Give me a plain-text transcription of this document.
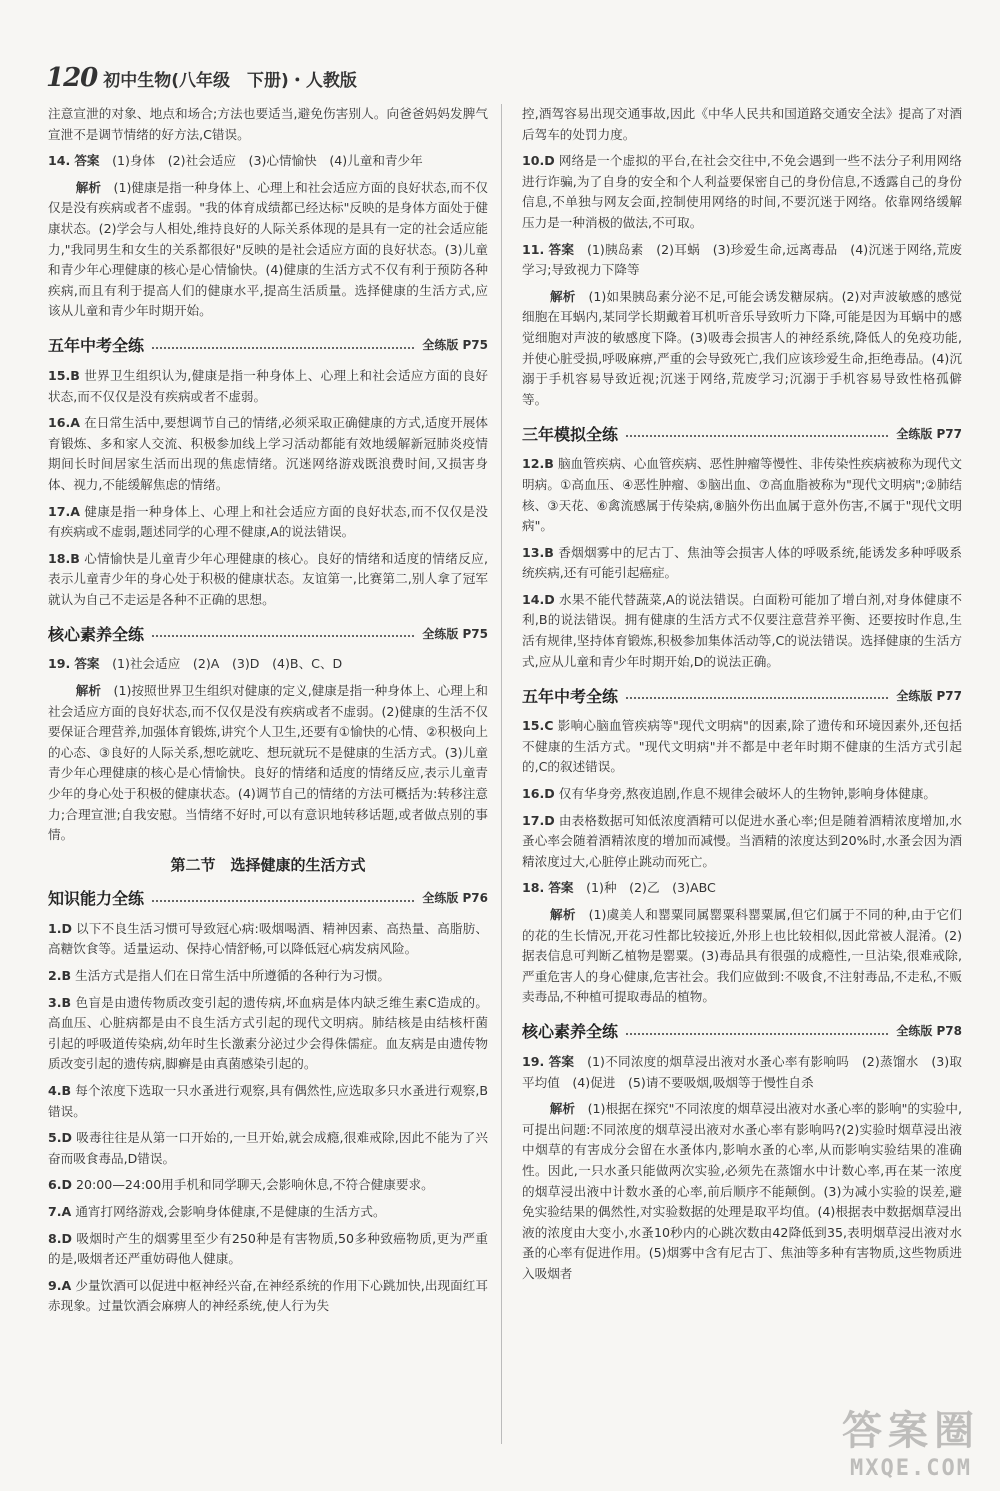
120 初中生物(八年级　下册)・人教版

注意宣泄的对象、地点和场合;方法也要适当,避免伤害别人。向爸爸妈妈发脾气宣泄不是调节情绪的好方法,C错误。

14. 答案　 (1)身体　(2)社会适应　(3)心情愉快　(4)儿童和青少年

解析　 (1)健康是指一种身体上、心理上和社会适应方面的良好状态,而不仅仅是没有疾病或者不虚弱。"我的体育成绩都已经达标"反映的是身体方面处于健康状态。(2)学会与人相处,维持良好的人际关系体现的是具有一定的社会适应能力,"我同男生和女生的关系都很好"反映的是社会适应方面的良好状态。(3)儿童和青少年心理健康的核心是心情愉快。(4)健康的生活方式不仅有利于预防各种疾病,而且有利于提高人们的健康水平,提高生活质量。选择健康的生活方式,应该从儿童和青少年时期开始。

五年中考全练	全练版 P75

15.B 世界卫生组织认为,健康是指一种身体上、心理上和社会适应方面的良好状态,而不仅仅是没有疾病或者不虚弱。

16.A 在日常生活中,要想调节自己的情绪,必须采取正确健康的方式,适度开展体育锻炼、多和家人交流、积极参加线上学习活动都能有效地缓解新冠肺炎疫情期间长时间居家生活而出现的焦虑情绪。沉迷网络游戏既浪费时间,又损害身体、视力,不能缓解焦虑的情绪。

17.A 健康是指一种身体上、心理上和社会适应方面的良好状态,而不仅仅是没有疾病或不虚弱,题述同学的心理不健康,A的说法错误。

18.B 心情愉快是儿童青少年心理健康的核心。良好的情绪和适度的情绪反应,表示儿童青少年的身心处于积极的健康状态。友谊第一,比赛第二,别人拿了冠军就认为自己不走运是各种不正确的思想。

核心素养全练	全练版 P75

19. 答案　 (1)社会适应　(2)A　(3)D　(4)B、C、D

解析　 (1)按照世界卫生组织对健康的定义,健康是指一种身体上、心理上和社会适应方面的良好状态,而不仅仅是没有疾病或者不虚弱。(2)健康的生活不仅要保证合理营养,加强体育锻炼,讲究个人卫生,还要有①愉快的心情、②积极向上的心态、③良好的人际关系,想吃就吃、想玩就玩不是健康的生活方式。(3)儿童青少年心理健康的核心是心情愉快。良好的情绪和适度的情绪反应,表示儿童青少年的身心处于积极的健康状态。(4)调节自己的情绪的方法可概括为:转移注意力;合理宣泄;自我安慰。当情绪不好时,可以有意识地转移话题,或者做点别的事情。

第二节　选择健康的生活方式
知识能力全练	全练版 P76

1.D 以下不良生活习惯可导致冠心病:吸烟喝酒、精神因素、高热量、高脂肪、高糖饮食等。适量运动、保持心情舒畅,可以降低冠心病发病风险。

2.B 生活方式是指人们在日常生活中所遵循的各种行为习惯。

3.B 色盲是由遗传物质改变引起的遗传病,坏血病是体内缺乏维生素C造成的。高血压、心脏病都是由不良生活方式引起的现代文明病。肺结核是由结核杆菌引起的呼吸道传染病,幼年时生长激素分泌过少会得侏儒症。血友病是由遗传物质改变引起的遗传病,脚癣是由真菌感染引起的。

4.B 每个浓度下选取一只水蚤进行观察,具有偶然性,应选取多只水蚤进行观察,B错误。

5.D 吸毒往往是从第一口开始的,一旦开始,就会成瘾,很难戒除,因此不能为了兴奋而吸食毒品,D错误。

6.D 20:00—24:00用手机和同学聊天,会影响休息,不符合健康要求。

7.A 通宵打网络游戏,会影响身体健康,不是健康的生活方式。

8.D 吸烟时产生的烟雾里至少有250种是有害物质,50多种致癌物质,更为严重的是,吸烟者还严重妨碍他人健康。

9.A 少量饮酒可以促进中枢神经兴奋,在神经系统的作用下心跳加快,出现面红耳赤现象。过量饮酒会麻痹人的神经系统,使人行为失

控,酒驾容易出现交通事故,因此《中华人民共和国道路交通安全法》提高了对酒后驾车的处罚力度。

10.D 网络是一个虚拟的平台,在社会交往中,不免会遇到一些不法分子利用网络进行诈骗,为了自身的安全和个人利益要保密自己的身份信息,不透露自己的身份信息,不单独与网友会面,控制使用网络的时间,不要沉迷于网络。依靠网络缓解压力是一种消极的做法,不可取。

11. 答案　 (1)胰岛素　(2)耳蜗　(3)珍爱生命,远离毒品　(4)沉迷于网络,荒废学习;导致视力下降等

解析　 (1)如果胰岛素分泌不足,可能会诱发糖尿病。(2)对声波敏感的感觉细胞在耳蜗内,某同学长期戴着耳机听音乐导致听力下降,可能是因为耳蜗中的感觉细胞对声波的敏感度下降。(3)吸毒会损害人的神经系统,降低人的免疫功能,并使心脏受损,呼吸麻痹,严重的会导致死亡,我们应该珍爱生命,拒绝毒品。(4)沉溺于手机容易导致近视;沉迷于网络,荒废学习;沉溺于手机容易导致性格孤僻等。

三年模拟全练	全练版 P77

12.B 脑血管疾病、心血管疾病、恶性肿瘤等慢性、非传染性疾病被称为现代文明病。①高血压、④恶性肿瘤、⑤脑出血、⑦高血脂被称为"现代文明病";②肺结核、③天花、⑥禽流感属于传染病,⑧脑外伤出血属于意外伤害,不属于"现代文明病"。

13.B 香烟烟雾中的尼古丁、焦油等会损害人体的呼吸系统,能诱发多种呼吸系统疾病,还有可能引起癌症。

14.D 水果不能代替蔬菜,A的说法错误。白面粉可能加了增白剂,对身体健康不利,B的说法错误。拥有健康的生活方式不仅要注意营养平衡、还要按时作息,生活有规律,坚持体育锻炼,积极参加集体活动等,C的说法错误。选择健康的生活方式,应从儿童和青少年时期开始,D的说法正确。

五年中考全练	全练版 P77

15.C 影响心脑血管疾病等"现代文明病"的因素,除了遗传和环境因素外,还包括不健康的生活方式。"现代文明病"并不都是中老年时期不健康的生活方式引起的,C的叙述错误。

16.D 仅有华身旁,熬夜追剧,作息不规律会破坏人的生物钟,影响身体健康。

17.D 由表格数据可知低浓度酒精可以促进水蚤心率;但是随着酒精浓度增加,水蚤心率会随着酒精浓度的增加而减慢。当酒精的浓度达到20%时,水蚤会因为酒精浓度过大,心脏停止跳动而死亡。

18. 答案　 (1)种　(2)乙　(3)ABC

解析　 (1)虞美人和罂粟同属罂粟科罂粟属,但它们属于不同的种,由于它们的花的生长情况,开花习性都比较接近,外形上也比较相似,因此常被人混淆。(2)据表信息可判断乙植物是罂粟。(3)毒品具有很强的成瘾性,一旦沾染,很难戒除,严重危害人的身心健康,危害社会。我们应做到:不吸食,不注射毒品,不走私,不贩卖毒品,不种植可提取毒品的植物。

核心素养全练	全练版 P78

19. 答案　 (1)不同浓度的烟草浸出液对水蚤心率有影响吗　(2)蒸馏水　(3)取平均值　(4)促进　(5)请不要吸烟,吸烟等于慢性自杀

解析　 (1)根据在探究"不同浓度的烟草浸出液对水蚤心率的影响"的实验中,可提出问题:不同浓度的烟草浸出液对水蚤心率有影响吗?(2)实验时烟草浸出液中烟草的有害成分会留在水蚤体内,影响水蚤的心率,从而影响实验结果的准确性。因此,一只水蚤只能做两次实验,必须先在蒸馏水中计数心率,再在某一浓度的烟草浸出液中计数水蚤的心率,前后顺序不能颠倒。(3)为减小实验的误差,避免实验结果的偶然性,对实验数据的处理是取平均值。(4)根据表中数据烟草浸出液的浓度由大变小,水蚤10秒内的心跳次数由42降低到35,表明烟草浸出液对水蚤的心率有促进作用。(5)烟雾中含有尼古丁、焦油等多种有害物质,这些物质进入吸烟者

答案圈
MXQE.COM
